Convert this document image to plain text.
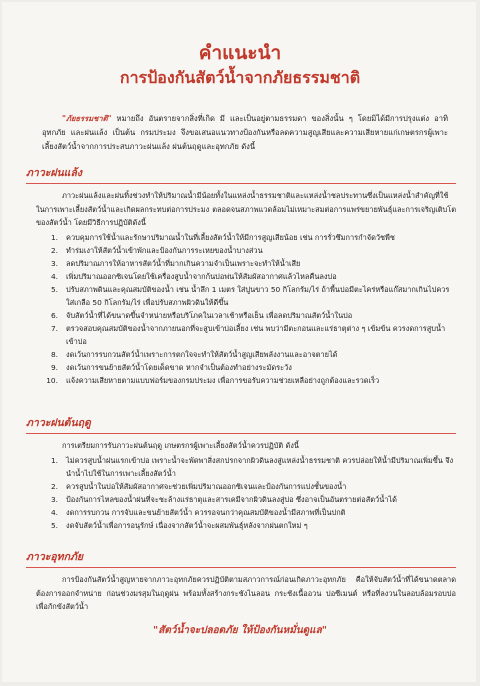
คำแนะนำ
การป้องกันสัตว์น้ำจากภัยธรรมชาติ
"ภัยธรรมชาติ" หมายถึง อันตรายจากสิ่งที่เกิด มี และเป็นอยู่ตามธรรมดา ของสิ่งนั้น ๆ โดยมิได้มีการปรุงแต่ง อาทิ อุทกภัย และฝนแล้ง เป็นต้น กรมประมง จึงขอเสนอแนวทางป้องกันหรือลดความสูญเสียและความเสียหายแก่เกษตรกรผู้เพาะเลี้ยงสัตว์น้ำจากการประสบภาวะฝนแล้ง ฝนต้นฤดูและอุทกภัย ดังนี้
ภาวะฝนแล้ง
ภาวะฝนแล้งและฝนทิ้งช่วงทำให้ปริมาณน้ำมีน้อยทั้งในแหล่งน้ำธรรมชาติและแหล่งน้ำชลประทานซึ่งเป็นแหล่งน้ำสำคัญที่ใช้ในการเพาะเลี้ยงสัตว์น้ำและเกิดผลกระทบต่อการประมง ตลอดจนสภาพแวดล้อมไม่เหมาะสมต่อการแพร่ขยายพันธุ์และการเจริญเติบโตของสัตว์น้ำ โดยมีวิธีการปฏิบัติดังนี้
1. ควบคุมการใช้น้ำและรักษาปริมาณน้ำในที่เลี้ยงสัตว์น้ำให้มีการสูญเสียน้อย เช่น การรั่วซึมการกำจัดวัชพืช
2. ทำร่มเงาให้สัตว์น้ำเข้าพักและป้องกันการระเหยของน้ำบางส่วน
3. ลดปริมาณการให้อาหารสัตว์น้ำที่มากเกินความจำเป็นเพราะจะทำให้น้ำเสีย
4. เพิ่มปริมาณออกซิเจนโดยใช้เครื่องสูบน้ำจากก้นบ่อพ่นให้สัมผัสอากาศแล้วไหลคืนลงบ่อ
5. ปรับสภาพดินและคุณสมบัติของน้ำ เช่น น้ำลึก 1 เมตร ใส่ปูนขาว 50 กิโลกรัม/ไร่ ถ้าพื้นบ่อมีตะไคร่หรือแก๊สมากเกินไปควรใส่เกลือ 50 กิโลกรัม/ไร่ เพื่อปรับสภาพผิวดินให้ดีขึ้น
6. จับสัตว์น้ำที่ได้ขนาดขึ้นจำหน่ายหรือบริโภคในเวลาเช้าหรือเย็น เพื่อลดปริมาณสัตว์น้ำในบ่อ
7. ตรวจสอบคุณสมบัติของน้ำจากภายนอกที่จะสูบเข้าบ่อเลี้ยง เช่น พบว่ามีตะกอนและแร่ธาตุต่าง ๆ เข้มข้น ควรงดการสูบน้ำเข้าบ่อ
8. งดเว้นการรบกวนสัตว์น้ำเพราะการตกใจจะทำให้สัตว์น้ำสูญเสียพลังงานและอาจตายได้
9. งดเว้นการขนย้ายสัตว์น้ำโดยเด็ดขาด หากจำเป็นต้องทำอย่างระมัดระวัง
10. แจ้งความเสียหายตามแบบฟอร์มของกรมประมง เพื่อการขอรับความช่วยเหลือย่างถูกต้องและรวดเร็ว
ภาวะฝนต้นฤดู
การเตรียมการรับภาวะฝนต้นฤดู เกษตรกรผู้เพาะเลี้ยงสัตว์น้ำควรปฏิบัติ ดังนี้
1. ไม่ควรสูบน้ำฝนแรกเข้าบ่อ เพราะน้ำจะพัดพาสิ่งสกปรกจากผิวดินลงสู่แหล่งน้ำธรรมชาติ ควรปล่อยให้น้ำมีปริมาณเพิ่มขึ้น จึงนำน้ำไปใช้ในการเพาะเลี้ยงสัตว์น้ำ
2. ควรสูบน้ำในบ่อให้สัมผัสอากาศจะช่วยเพิ่มปริมาณออกซิเจนและป้องกันการแบ่งชั้นของน้ำ
3. ป้องกันการไหลของน้ำฝนที่จะชะล้างแร่ธาตุและสารเคมีจากผิวดินลงสู่บ่อ ซึ่งอาจเป็นอันตรายต่อสัตว์น้ำได้
4. งดการรบกวน การจับและขนย้ายสัตว์น้ำ ควรรอจนกว่าคุณสมบัติของน้ำมีสภาพที่เป็นปกติ
5. งดจับสัตว์น้ำเพื่อการอนุรักษ์ เนื่องจากสัตว์น้ำจะผสมพันธุ์หลังจากฝนตกใหม่ ๆ
ภาวะอุทกภัย
การป้องกันสัตว์น้ำสูญหายจากภาวะอุทกภัยควรปฏิบัติตามสภาวการณ์ก่อนเกิดภาวะอุทกภัย คือให้จับสัตว์น้ำที่ได้ขนาดตลาดต้องการออกจำหน่าย ก่อนช่วงมรสุมในฤดูฝน พร้อมทั้งสร้างกระชังไนลอน กระชังเนื้ออวน บ่อซีเมนต์ หรือที่ลงวนในลอบล้อมรอบบ่อ เพื่อกักขังสัตว์น้ำ
"สัตว์น้ำจะปลอดภัย ให้ป้องกันหมั่นดูแล"
